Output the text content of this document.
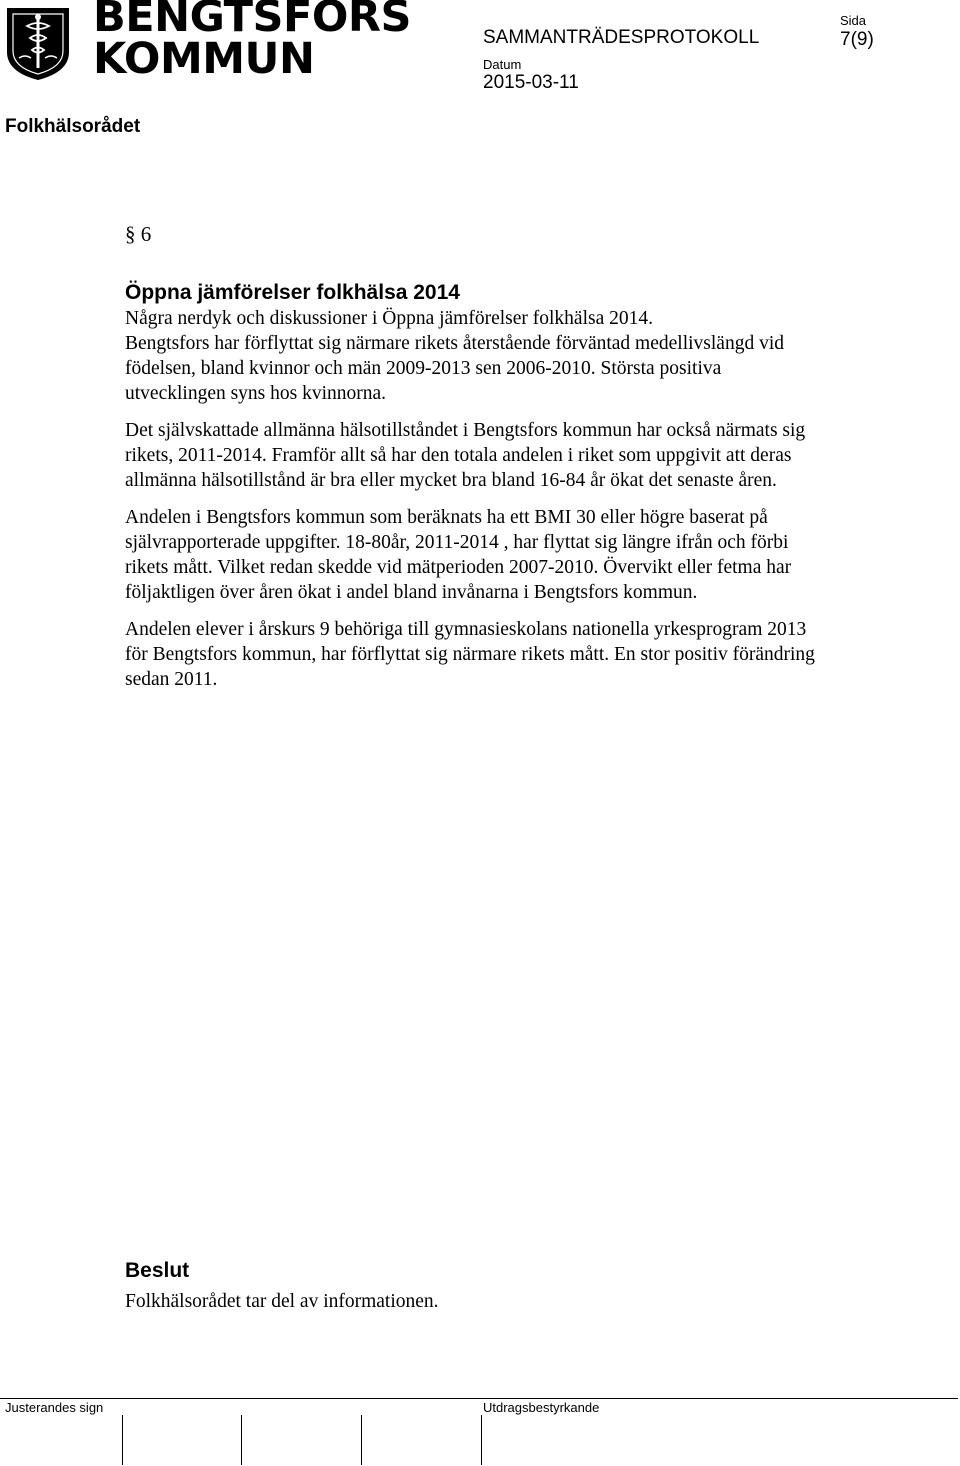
BENGTSFORS
KOMMUN	SAMMANTRÄDESPROTOKOLL
Datum
2015-03-11
Sida
7(9)
Folkhälsorådet
§ 6
Öppna jämförelser folkhälsa 2014

Några nerdyk och diskussioner i Öppna jämförelser folkhälsa 2014.

Bengtsfors har förflyttat sig närmare rikets återstående förväntad medellivslängd vid födelsen, bland kvinnor och män 2009-2013 sen 2006-2010. Största positiva utvecklingen syns hos kvinnorna.

Det självskattade allmänna hälsotillståndet i Bengtsfors kommun har också närmats sig rikets, 2011-2014. Framför allt så har den totala andelen i riket som uppgivit att deras allmänna hälsotillstånd är bra eller mycket bra bland 16-84 år ökat det senaste åren.

Andelen i Bengtsfors kommun som beräknats ha ett BMI 30 eller högre baserat på självrapporterade uppgifter. 18-80år, 2011-2014 , har flyttat sig längre ifrån och förbi rikets mått. Vilket redan skedde vid mätperioden 2007-2010. Övervikt eller fetma har följaktligen över åren ökat i andel bland invånarna i Bengtsfors kommun.

Andelen elever i årskurs 9 behöriga till gymnasieskolans nationella yrkesprogram 2013 för Bengtsfors kommun, har förflyttat sig närmare rikets mått. En stor positiv förändring sedan 2011.

Beslut
Folkhälsorådet tar del av informationen.
Justerandes sign	Utdragsbestyrkande
